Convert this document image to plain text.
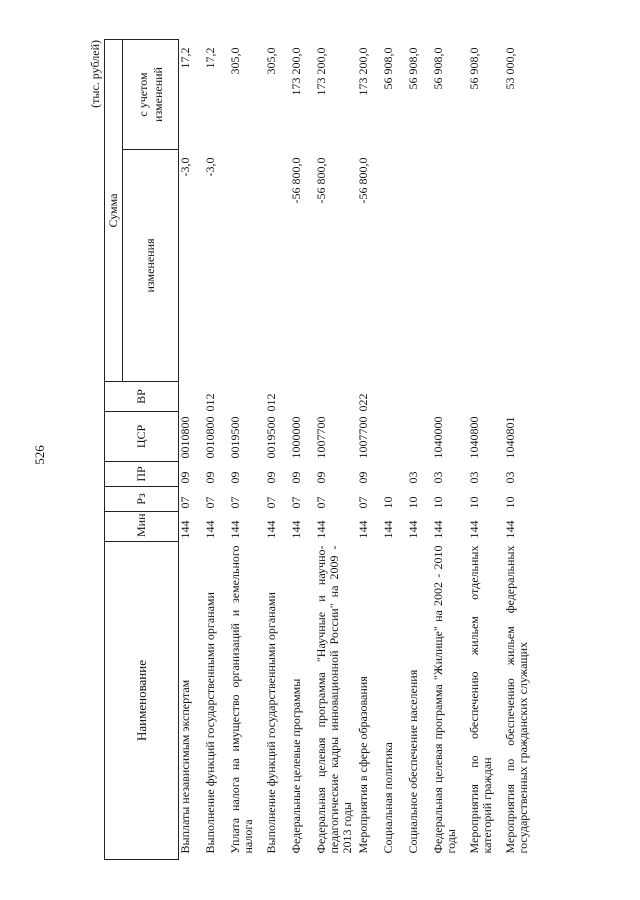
526
(тыс. рублей)
Наименование	Мин	Рз	ПР	ЦСР	ВР	Сумма	
						изменения	с учетом изменений
Выплаты независимым экспертам	144	07	09	0010800		-3,0	17,2
Выполнение функций государственными органами	144	07	09	0010800	012	-3,0	17,2
Уплата налога на имущество организаций и земельного налога	144	07	09	0019500			305,0
Выполнение функций государственными органами	144	07	09	0019500	012		305,0
Федеральные целевые программы	144	07	09	1000000		-56 800,0	173 200,0
Федеральная целевая программа "Научные и научно-педагогические кадры инновационной России" на 2009 - 2013 годы	144	07	09	1007700		-56 800,0	173 200,0
Мероприятия в сфере образования	144	07	09	1007700	022	-56 800,0	173 200,0
Социальная политика	144	10					56 908,0
Социальное обеспечение населения	144	10	03				56 908,0
Федеральная целевая программа "Жилище" на 2002 - 2010 годы	144	10	03	1040000			56 908,0
Мероприятия по обеспечению жильем отдельных категорий граждан	144	10	03	1040800			56 908,0
Мероприятия по обеспечению жильем федеральных государственных гражданских служащих	144	10	03	1040801			53 000,0
